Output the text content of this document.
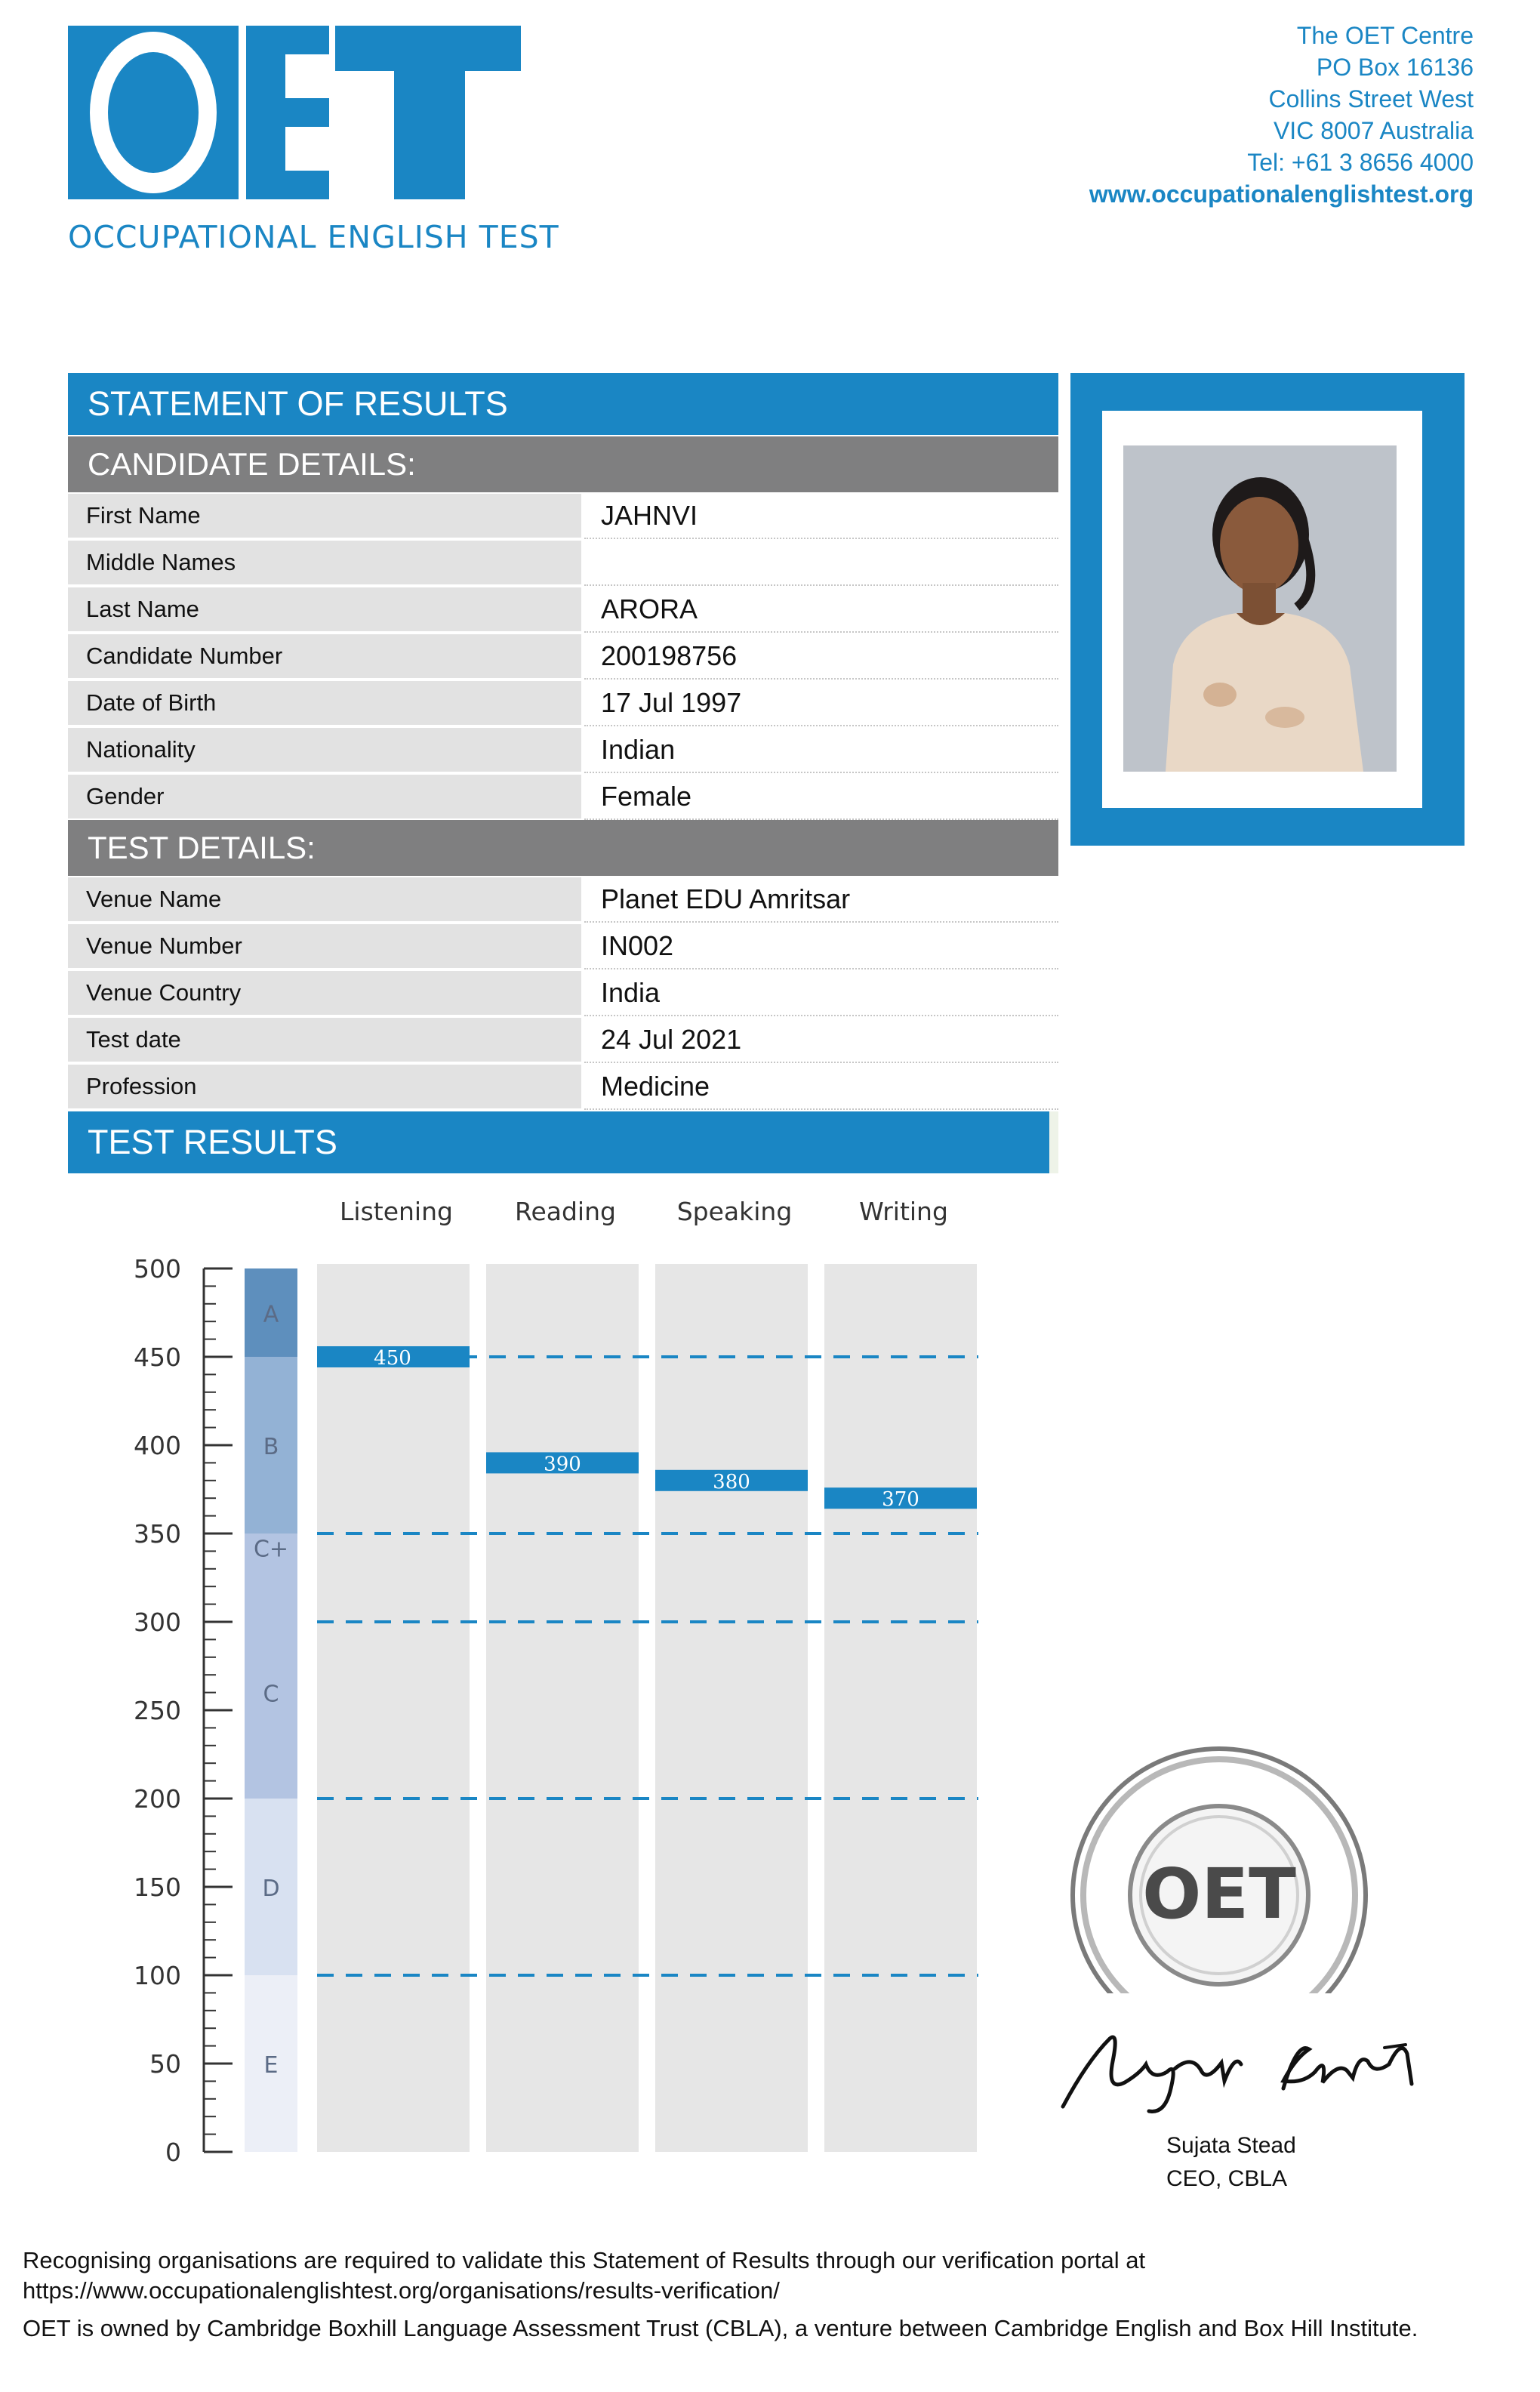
OCCUPATIONAL ENGLISH TEST
The OET Centre
PO Box 16136
Collins Street West
VIC 8007 Australia
Tel: +61 3 8656 4000
www.occupationalenglishtest.org
STATEMENT OF RESULTS
CANDIDATE DETAILS:
First Name	JAHNVI
Middle Names
Last Name	ARORA
Candidate Number	200198756
Date of Birth	17 Jul 1997
Nationality	Indian
Gender	Female
TEST DETAILS:
Venue Name	Planet EDU Amritsar
Venue Number	IN002
Venue Country	India
Test date	24 Jul 2021
Profession	Medicine
TEST RESULTS
A
B
C+
C
D
E
450
390
380
370
0
50
100
150
200
250
300
350
400
450
500
Listening Reading Speaking	Writing
OET
Sujata Stead
CEO, CBLA
Recognising organisations are required to validate this Statement of Results through our verification portal at https://www.occupationalenglishtest.org/organisations/results-verification/
OET is owned by Cambridge Boxhill Language Assessment Trust (CBLA), a venture between Cambridge English and Box Hill Institute.
